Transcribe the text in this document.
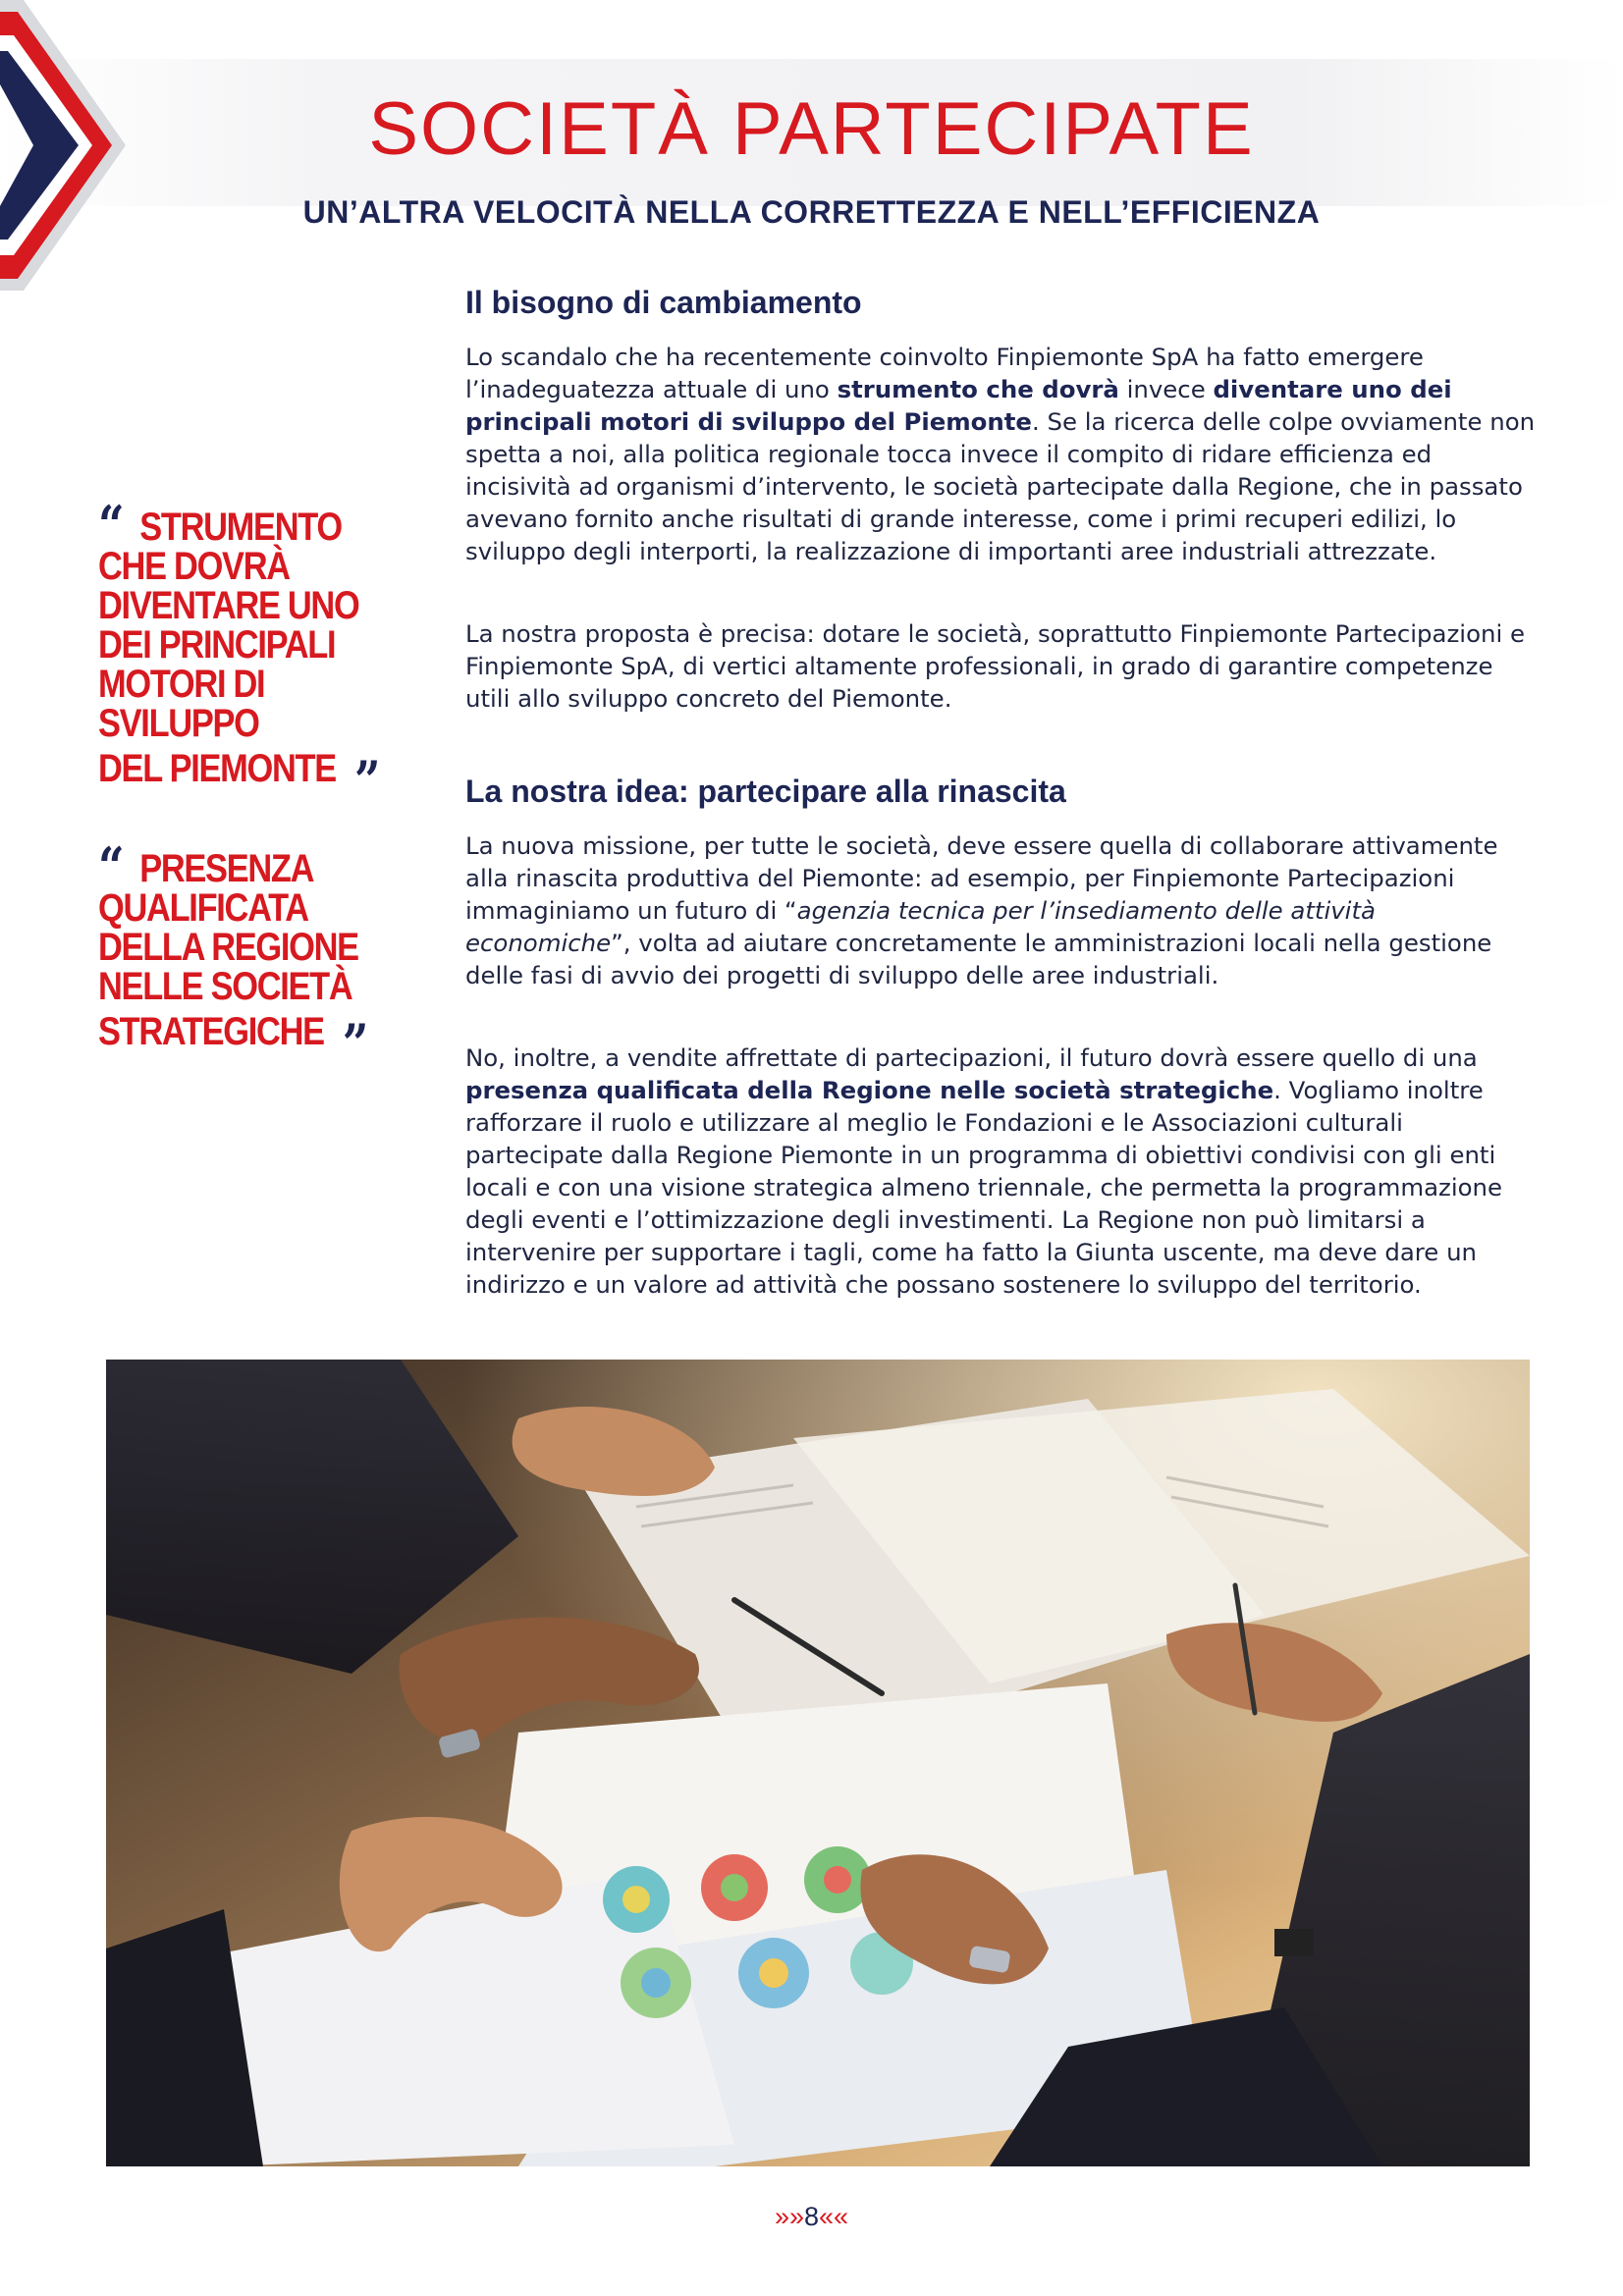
SOCIETÀ PARTECIPATE
UN’ALTRA VELOCITÀ NELLA CORRETTEZZA E NELL’EFFICIENZA
“ STRUMENTO
CHE DOVRÀ
DIVENTARE UNO
DEI PRINCIPALI
MOTORI DI SVILUPPO
DEL PIEMONTE ”
“ PRESENZA
QUALIFICATA
DELLA REGIONE
NELLE SOCIETÀ
STRATEGICHE ”
Il bisogno di cambiamento

Lo scandalo che ha recentemente coinvolto Finpiemonte SpA ha fatto emergere l’inadeguatezza attuale di uno strumento che dovrà invece diventare uno dei principali motori di sviluppo del Piemonte. Se la ricerca delle colpe ovviamente non spetta a noi, alla politica regionale tocca invece il compito di ridare efficienza ed incisività ad organismi d’intervento, le società partecipate dalla Regione, che in passato avevano fornito anche risultati di grande interesse, come i primi recuperi edilizi, lo sviluppo degli interporti, la realizzazione di importanti aree industriali attrezzate.

La nostra proposta è precisa: dotare le società, soprattutto Finpiemonte Partecipazioni e Finpiemonte SpA, di vertici altamente professionali, in grado di garantire competenze utili allo sviluppo concreto del Piemonte.

La nostra idea: partecipare alla rinascita

La nuova missione, per tutte le società, deve essere quella di collaborare attivamente alla rinascita produttiva del Piemonte: ad esempio, per Finpiemonte Partecipazioni immaginiamo un futuro di “agenzia tecnica per l’insediamento delle attività economiche”, volta ad aiutare concretamente le amministrazioni locali nella gestione delle fasi di avvio dei progetti di sviluppo delle aree industriali.

No, inoltre, a vendite affrettate di partecipazioni, il futuro dovrà essere quello di una presenza qualificata della Regione nelle società strategiche. Vogliamo inoltre rafforzare il ruolo e utilizzare al meglio le Fondazioni e le Associazioni culturali partecipate dalla Regione Piemonte in un programma di obiettivi condivisi con gli enti locali e con una visione strategica almeno triennale, che permetta la programmazione degli eventi e l’ottimizzazione degli investimenti. La Regione non può limitarsi a intervenire per supportare i tagli, come ha fatto la Giunta uscente, ma deve dare un indirizzo e un valore ad attività che possano sostenere lo sviluppo del territorio.

»»8««
